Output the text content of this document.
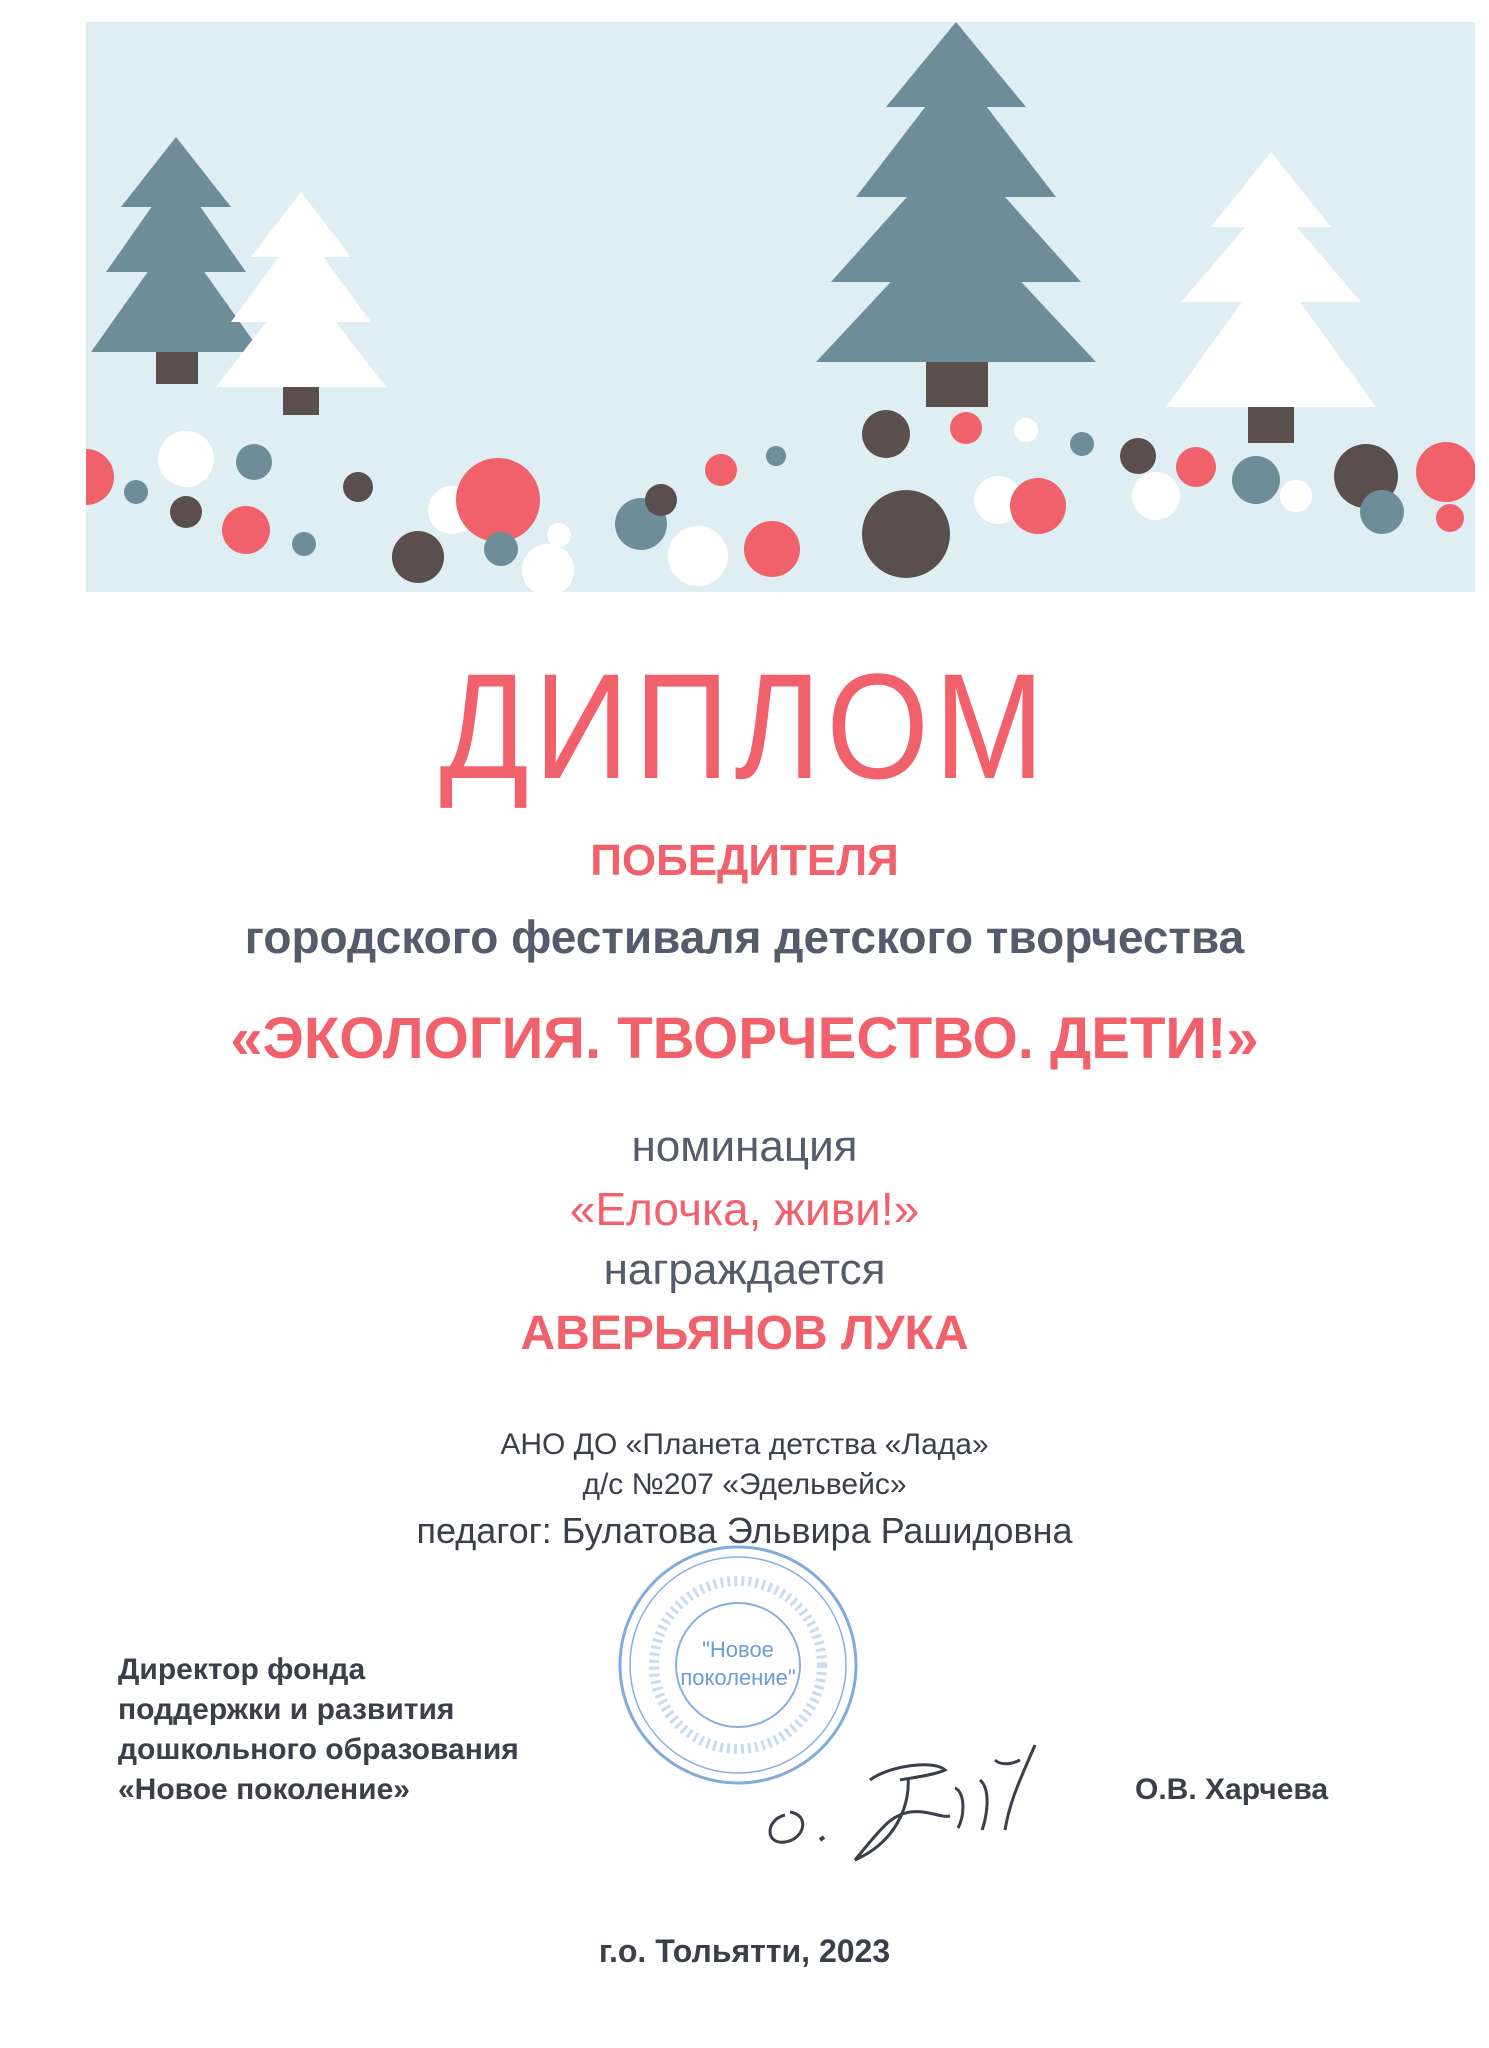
ДИПЛОМ
ПОБЕДИТЕЛЯ
городского фестиваля детского творчества
«ЭКОЛОГИЯ. ТВОРЧЕСТВО. ДЕТИ!»
номинация
«Елочка, живи!»
награждается
АВЕРЬЯНОВ ЛУКА
АНО ДО «Планета детства «Лада»
д/с №207 «Эдельвейс»
педагог: Булатова Эльвира Рашидовна
"Новое
поколение"
Директор фонда
поддержки и развития
дошкольного образования
«Новое поколение»	О.В. Харчева
г.о. Тольятти, 2023
